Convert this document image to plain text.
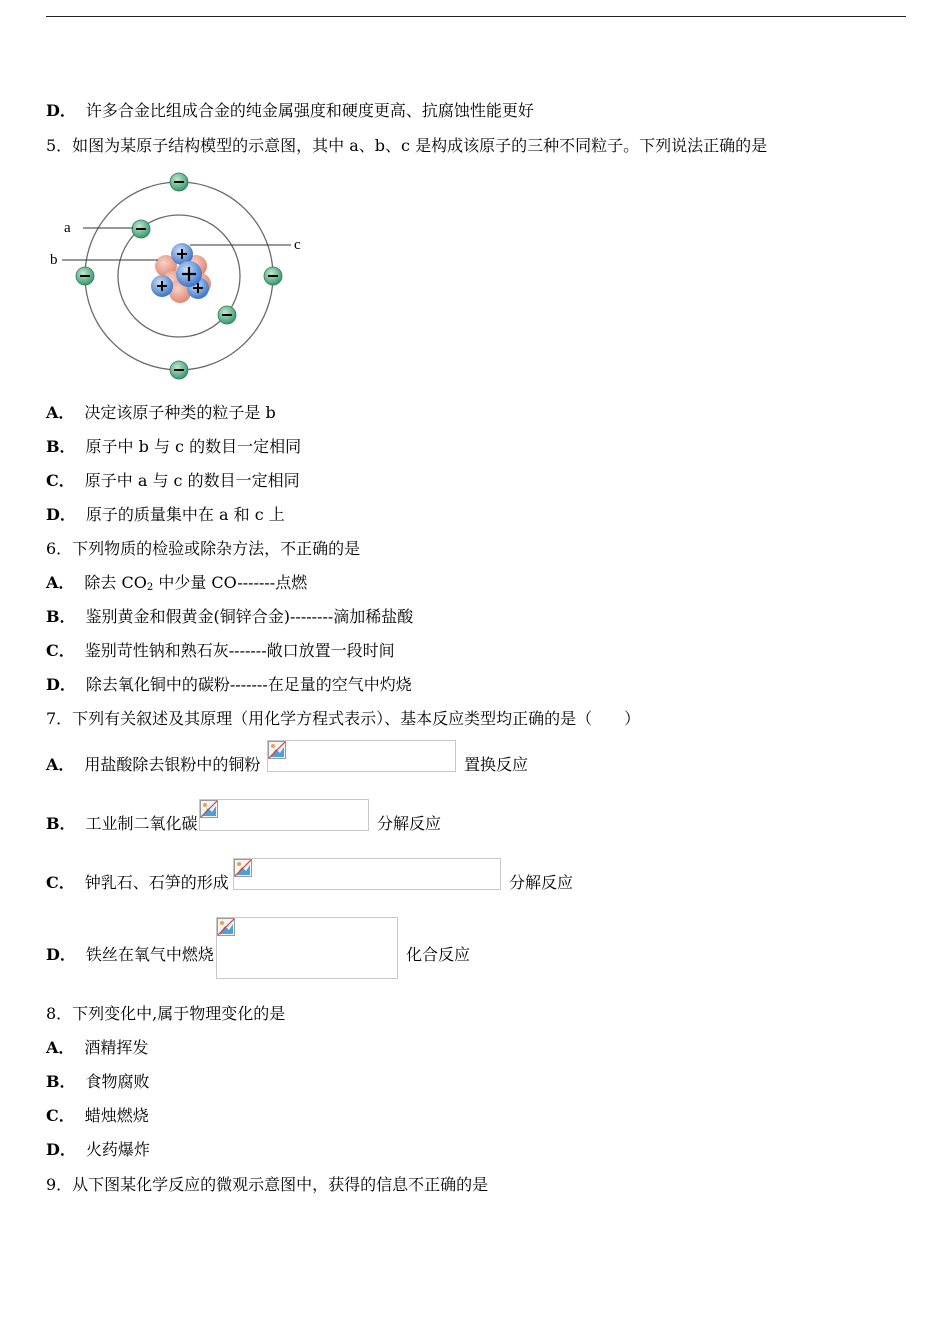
D． 许多合金比组成合金的纯金属强度和硬度更高、抗腐蚀性能更好
5．如图为某原子结构模型的示意图，其中 a、b、c 是构成该原子的三种不同粒子。下列说法正确的是
a
b
c
A． 决定该原子种类的粒子是 b
B． 原子中 b 与 c 的数目一定相同
C． 原子中 a 与 c 的数目一定相同
D． 原子的质量集中在 a 和 c 上
6．下列物质的检验或除杂方法，不正确的是
A． 除去 $CO_2$ 中少量 CO-------点燃
B． 鉴别黄金和假黄金(铜锌合金)--------滴加稀盐酸
C． 鉴别苛性钠和熟石灰-------敞口放置一段时间
D． 除去氧化铜中的碳粉-------在足量的空气中灼烧
7．下列有关叙述及其原理（用化学方程式表示）、基本反应类型均正确的是（　　）
A． 用盐酸除去银粉中的铜粉	置换反应
B． 工业制二氧化碳	分解反应
C． 钟乳石、石笋的形成	分解反应
D． 铁丝在氧气中燃烧	化合反应
8．下列变化中,属于物理变化的是
A． 酒精挥发
B． 食物腐败
C． 蜡烛燃烧
D． 火药爆炸
9．从下图某化学反应的微观示意图中，获得的信息不正确的是
